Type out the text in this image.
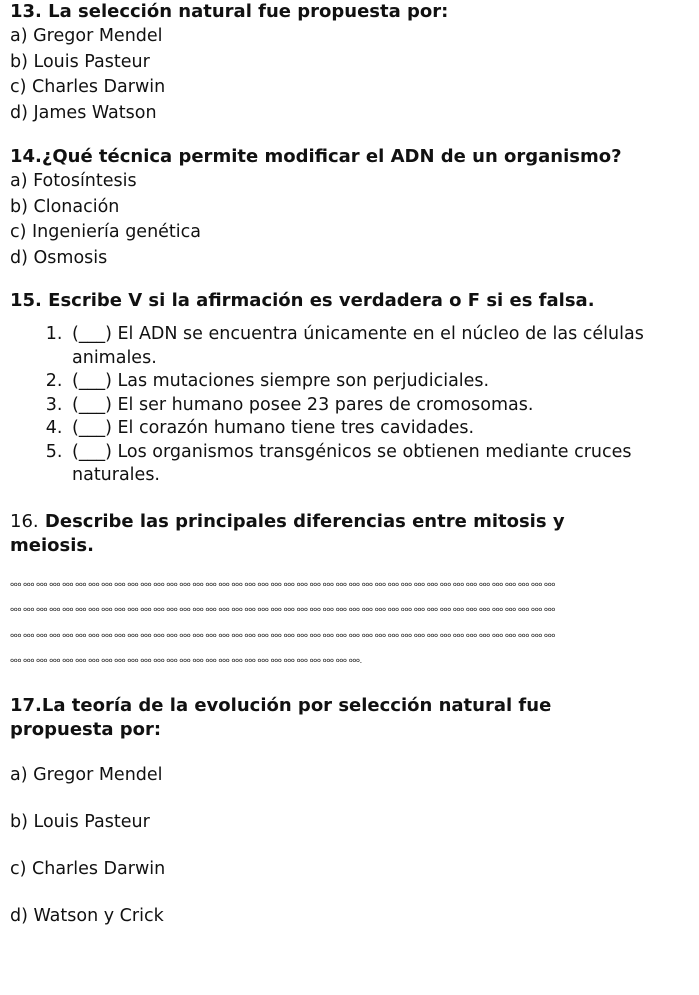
13. La selección natural fue propuesta por:

a) Gregor Mendel

b) Louis Pasteur

c) Charles Darwin

d) James Watson

14.¿Qué técnica permite modificar el ADN de un organismo?

a) Fotosíntesis

b) Clonación

c) Ingeniería genética

d) Osmosis

15. Escribe V si la afirmación es verdadera o F si es falsa.

1. (___) El ADN se encuentra únicamente en el núcleo de las células animales.
2. (___) Las mutaciones siempre son perjudiciales.
3. (___) El ser humano posee 23 pares de cromosomas.
4. (___) El corazón humano tiene tres cavidades.
5. (___) Los organismos transgénicos se obtienen mediante cruces naturales.

16. Describe las principales diferencias entre mitosis y meiosis.

००० ००० ००० ००० ००० ००० ००० ००० ००० ००० ००० ००० ००० ००० ००० ००० ००० ००० ००० ००० ००० ००० ००० ००० ००० ००० ००० ००० ००० ००० ००० ००० ००० ००० ००० ००० ००० ००० ००० ००० ००० ०००
००० ००० ००० ००० ००० ००० ००० ००० ००० ००० ००० ००० ००० ००० ००० ००० ००० ००० ००० ००० ००० ००० ००० ००० ००० ००० ००० ००० ००० ००० ००० ००० ००० ००० ००० ००० ००० ००० ००० ००० ००० ०००
००० ००० ००० ००० ००० ००० ००० ००० ००० ००० ००० ००० ००० ००० ००० ००० ००० ००० ००० ००० ००० ००० ००० ००० ००० ००० ००० ००० ००० ००० ००० ००० ००० ००० ००० ००० ००० ००० ००० ००० ००० ०००
००० ००० ००० ००० ००० ००० ००० ००० ००० ००० ००० ००० ००० ००० ००० ००० ००० ००० ००० ००० ००० ००० ००० ००० ००० ००० ०००.

17.La teoría de la evolución por selección natural fue propuesta por:

a) Gregor Mendel

b) Louis Pasteur

c) Charles Darwin

d) Watson y Crick
